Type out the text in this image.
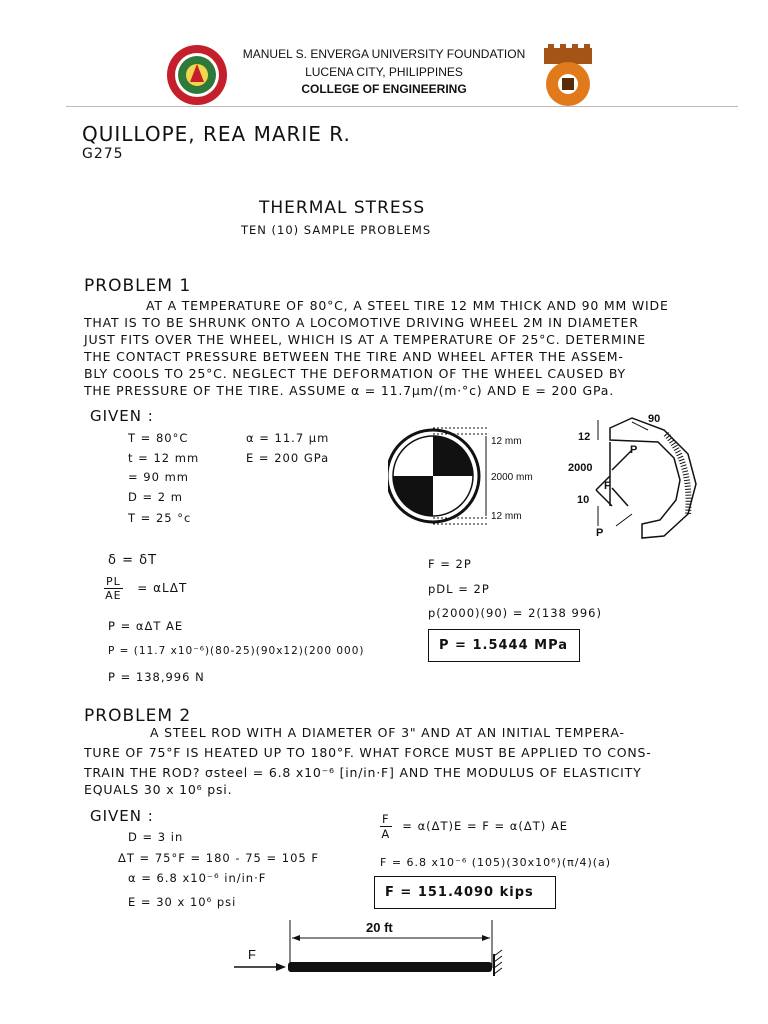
MANUEL S. ENVERGA UNIVERSITY FOUNDATION
LUCENA CITY, PHILIPPINES
COLLEGE OF ENGINEERING
QUILLOPE, REA MARIE R.
G275
THERMAL STRESS
TEN (10) SAMPLE PROBLEMS
PROBLEM 1
AT A TEMPERATURE OF 80°C, A STEEL TIRE 12 MM THICK AND 90 MM WIDE
THAT IS TO BE SHRUNK ONTO A LOCOMOTIVE DRIVING WHEEL 2M IN DIAMETER
JUST FITS OVER THE WHEEL, WHICH IS AT A TEMPERATURE OF 25°C. DETERMINE
THE CONTACT PRESSURE BETWEEN THE TIRE AND WHEEL AFTER THE ASSEM-
BLY COOLS TO 25°C. NEGLECT THE DEFORMATION OF THE WHEEL CAUSED BY
THE PRESSURE OF THE TIRE. ASSUME α = 11.7μm/(m·°c) AND E = 200 GPa.
GIVEN :
T = 80°C
t = 12 mm
= 90 mm
D = 2 m
T = 25 °c
α = 11.7 μm
E = 200 GPa
12 mm
2000 mm
12 mm
90
12
2000
10
F
P
P
δ = δT
$\frac{PL}{AE} = \alpha L\Delta T$
P = αΔT AE
P = (11.7 x10⁻⁶)(80-25)(90x12)(200 000)
P = 138,996 N
F = 2P
pDL = 2P
p(2000)(90) = 2(138 996)
P = 1.5444 MPa
PROBLEM 2
A STEEL ROD WITH A DIAMETER OF 3" AND AT AN INITIAL TEMPERA-
TURE OF 75°F IS HEATED UP TO 180°F. WHAT FORCE MUST BE APPLIED TO CONS-
TRAIN THE ROD? σsteel = 6.8 x10⁻⁶ [in/in·F] AND THE MODULUS OF ELASTICITY
EQUALS 30 x 10⁶ psi.
GIVEN :
D = 3 in
ΔT = 75°F = 180 - 75 = 105 F
α = 6.8 x10⁻⁶ in/in·F
E = 30 x 10⁶ psi
$\frac{F}{A} = \alpha(\Delta T)E = F = \alpha(\Delta T)$ AE
F = 6.8 x10⁻⁶ (105)(30x10⁶)(π/4)(a)
F = 151.4090 kips
20 ft
F
